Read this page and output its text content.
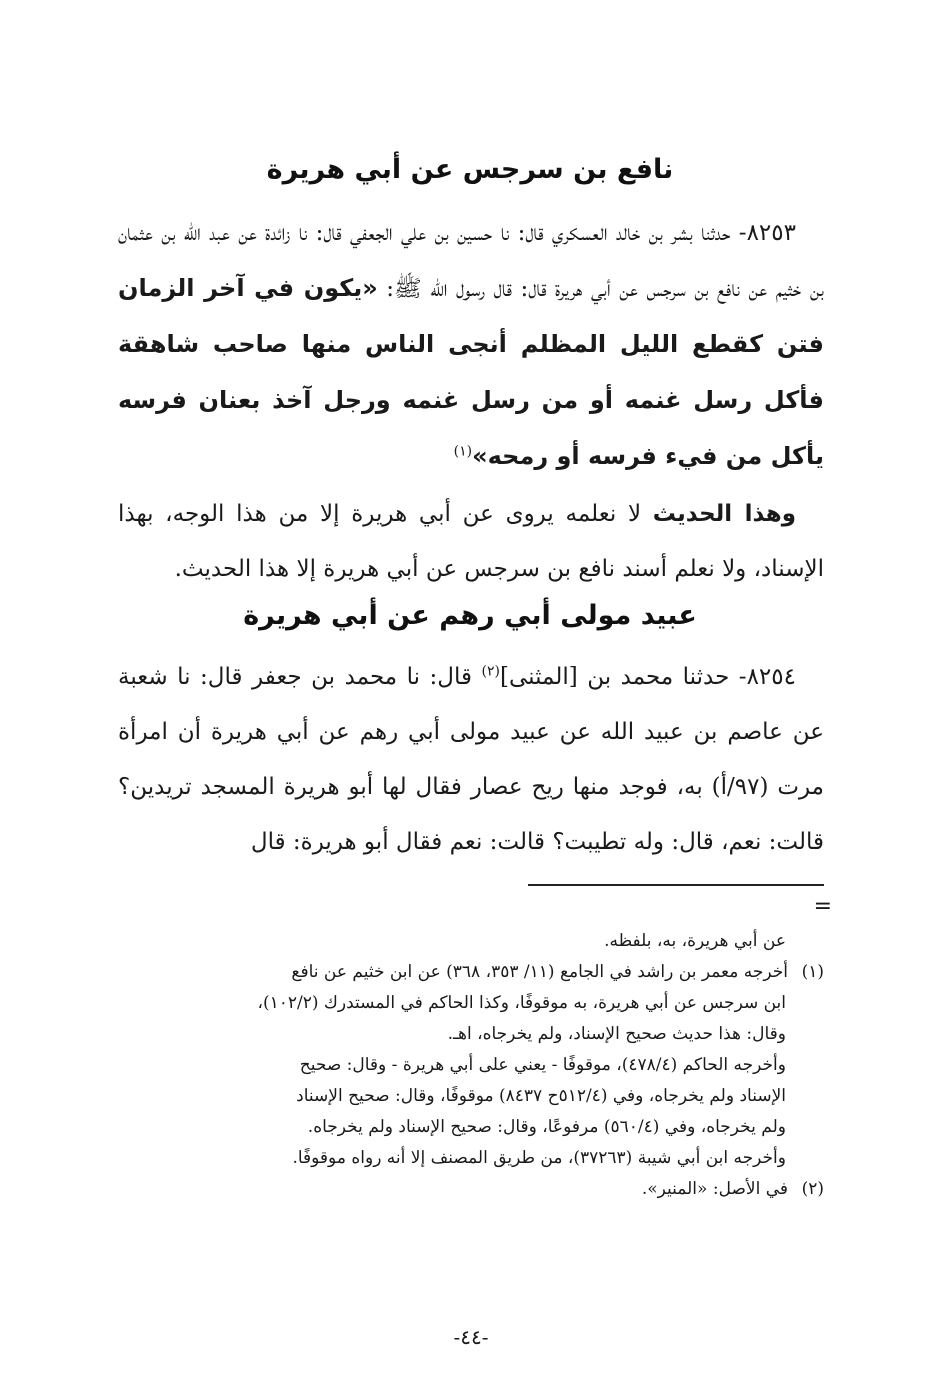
نافع بن سرجس عن أبي هريرة
٨٢٥٣- حدثنا بشر بن خالد العسكري قال: نا حسين بن علي الجعفي قال: نا زائدة عن عبد الله بن عثمان بن خثيم عن نافع بن سرجس عن أبي هريرة قال: قال رسول الله ﷺ: «يكون في آخر الزمان فتن كقطع الليل المظلم أنجى الناس منها صاحب شاهقة فأكل رسل غنمه أو من رسل غنمه ورجل آخذ بعنان فرسه يأكل من فيء فرسه أو رمحه»$^{(١)}$
وهذا الحديث لا نعلمه يروى عن أبي هريرة إلا من هذا الوجه، بهذا الإسناد، ولا نعلم أسند نافع بن سرجس عن أبي هريرة إلا هذا الحديث.
عبيد مولى أبي رهم عن أبي هريرة
٨٢٥٤- حدثنا محمد بن [المثنى]$^{(٢)}$ قال: نا محمد بن جعفر قال: نا شعبة عن عاصم بن عبيد الله عن عبيد مولى أبي رهم عن أبي هريرة أن امرأة مرت (٩٧/أ) به، فوجد منها ريح عصار فقال لها أبو هريرة المسجد تريدين؟ قالت: نعم، قال: وله تطيبت؟ قالت: نعم فقال أبو هريرة: قال
=
عن أبي هريرة، به، بلفظه.
(١)أخرجه معمر بن راشد في الجامع (١١/ ٣٥٣، ٣٦٨) عن ابن خثيم عن نافع
ابن سرجس عن أبي هريرة، به موقوفًا، وكذا الحاكم في المستدرك (١٠٢/٢)،
وقال: هذا حديث صحيح الإسناد، ولم يخرجاه، اهـ.
وأخرجه الحاكم (٤٧٨/٤)، موقوفًا - يعني على أبي هريرة - وقال: صحيح
الإسناد ولم يخرجاه، وفي (٥١٢/٤ح ٨٤٣٧) موقوفًا، وقال: صحيح الإسناد
ولم يخرجاه، وفي (٥٦٠/٤) مرفوعًا، وقال: صحيح الإسناد ولم يخرجاه.
وأخرجه ابن أبي شيبة (٣٧٢٦٣)، من طريق المصنف إلا أنه رواه موقوفًا.
(٢)في الأصل: «المنير».
-٤٤-
